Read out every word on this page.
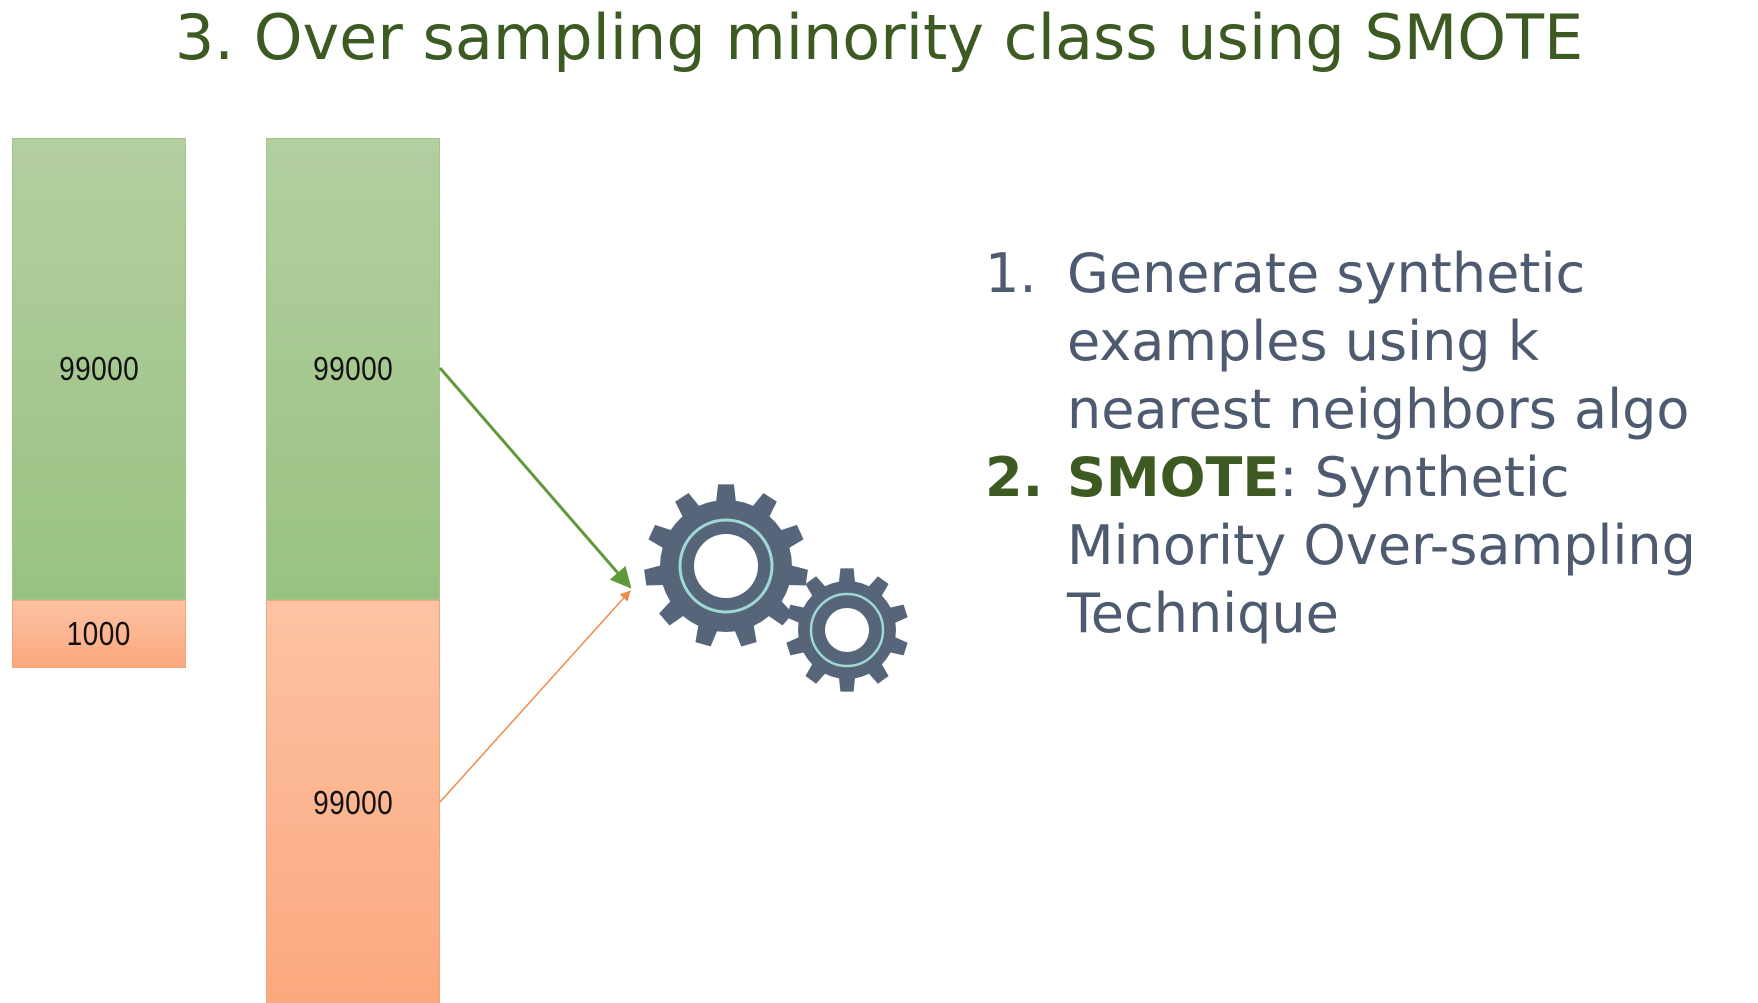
3. Over sampling minority class using SMOTE
99000
1000
99000
99000
1. Generate synthetic
examples using k
nearest neighbors algo
2. SMOTE: Synthetic
Minority Over-sampling
Technique
